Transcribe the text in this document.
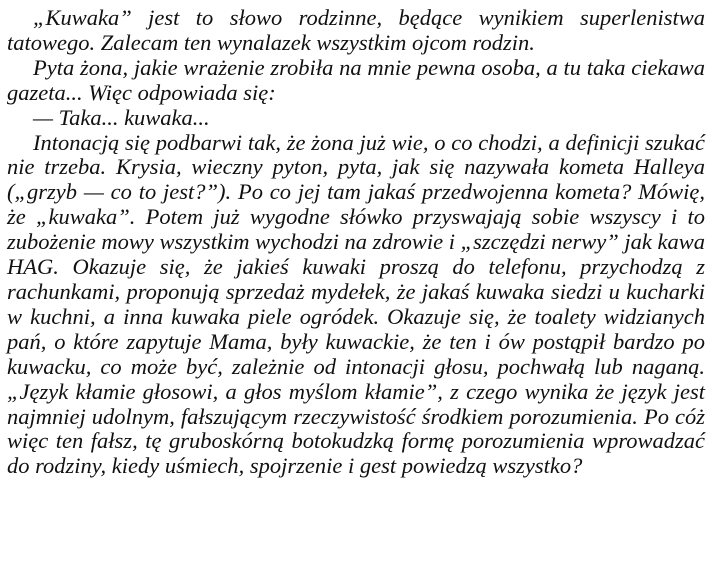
„Kuwaka” jest to słowo rodzinne, będące wynikiem superlenistwa tatowego. Zalecam ten wynalazek wszystkim ojcom rodzin.

Pyta żona, jakie wrażenie zrobiła na mnie pewna osoba, a tu taka ciekawa gazeta... Więc odpowiada się:

— Taka... kuwaka...

Intonacją się podbarwi tak, że żona już wie, o co chodzi, a definicji szukać nie trzeba. Krysia, wieczny pyton, pyta, jak się nazywała kometa Halleya („grzyb — co to jest?”). Po co jej tam jakaś przedwojenna kometa? Mówię, że „kuwaka”. Potem już wygodne słówko przyswajają sobie wszyscy i to zubożenie mowy wszystkim wychodzi na zdrowie i „szczędzi nerwy” jak kawa HAG. Okazuje się, że jakieś kuwaki proszą do telefonu, przychodzą z rachunkami, proponują sprzedaż mydełek, że jakaś kuwaka siedzi u kucharki w kuchni, a inna kuwaka piele ogródek. Okazuje się, że toalety widzianych pań, o które zapytuje Mama, były kuwackie, że ten i ów postąpił bardzo po kuwacku, co może być, zależnie od intonacji głosu, pochwałą lub naganą. „Język kłamie głosowi, a głos myślom kłamie”, z czego wynika że język jest najmniej udolnym, fałszującym rzeczywistość środkiem porozumienia. Po cóż więc ten fałsz, tę gruboskórną botokudzką formę porozumienia wprowadzać do rodziny, kiedy uśmiech, spojrzenie i gest powiedzą wszystko?
